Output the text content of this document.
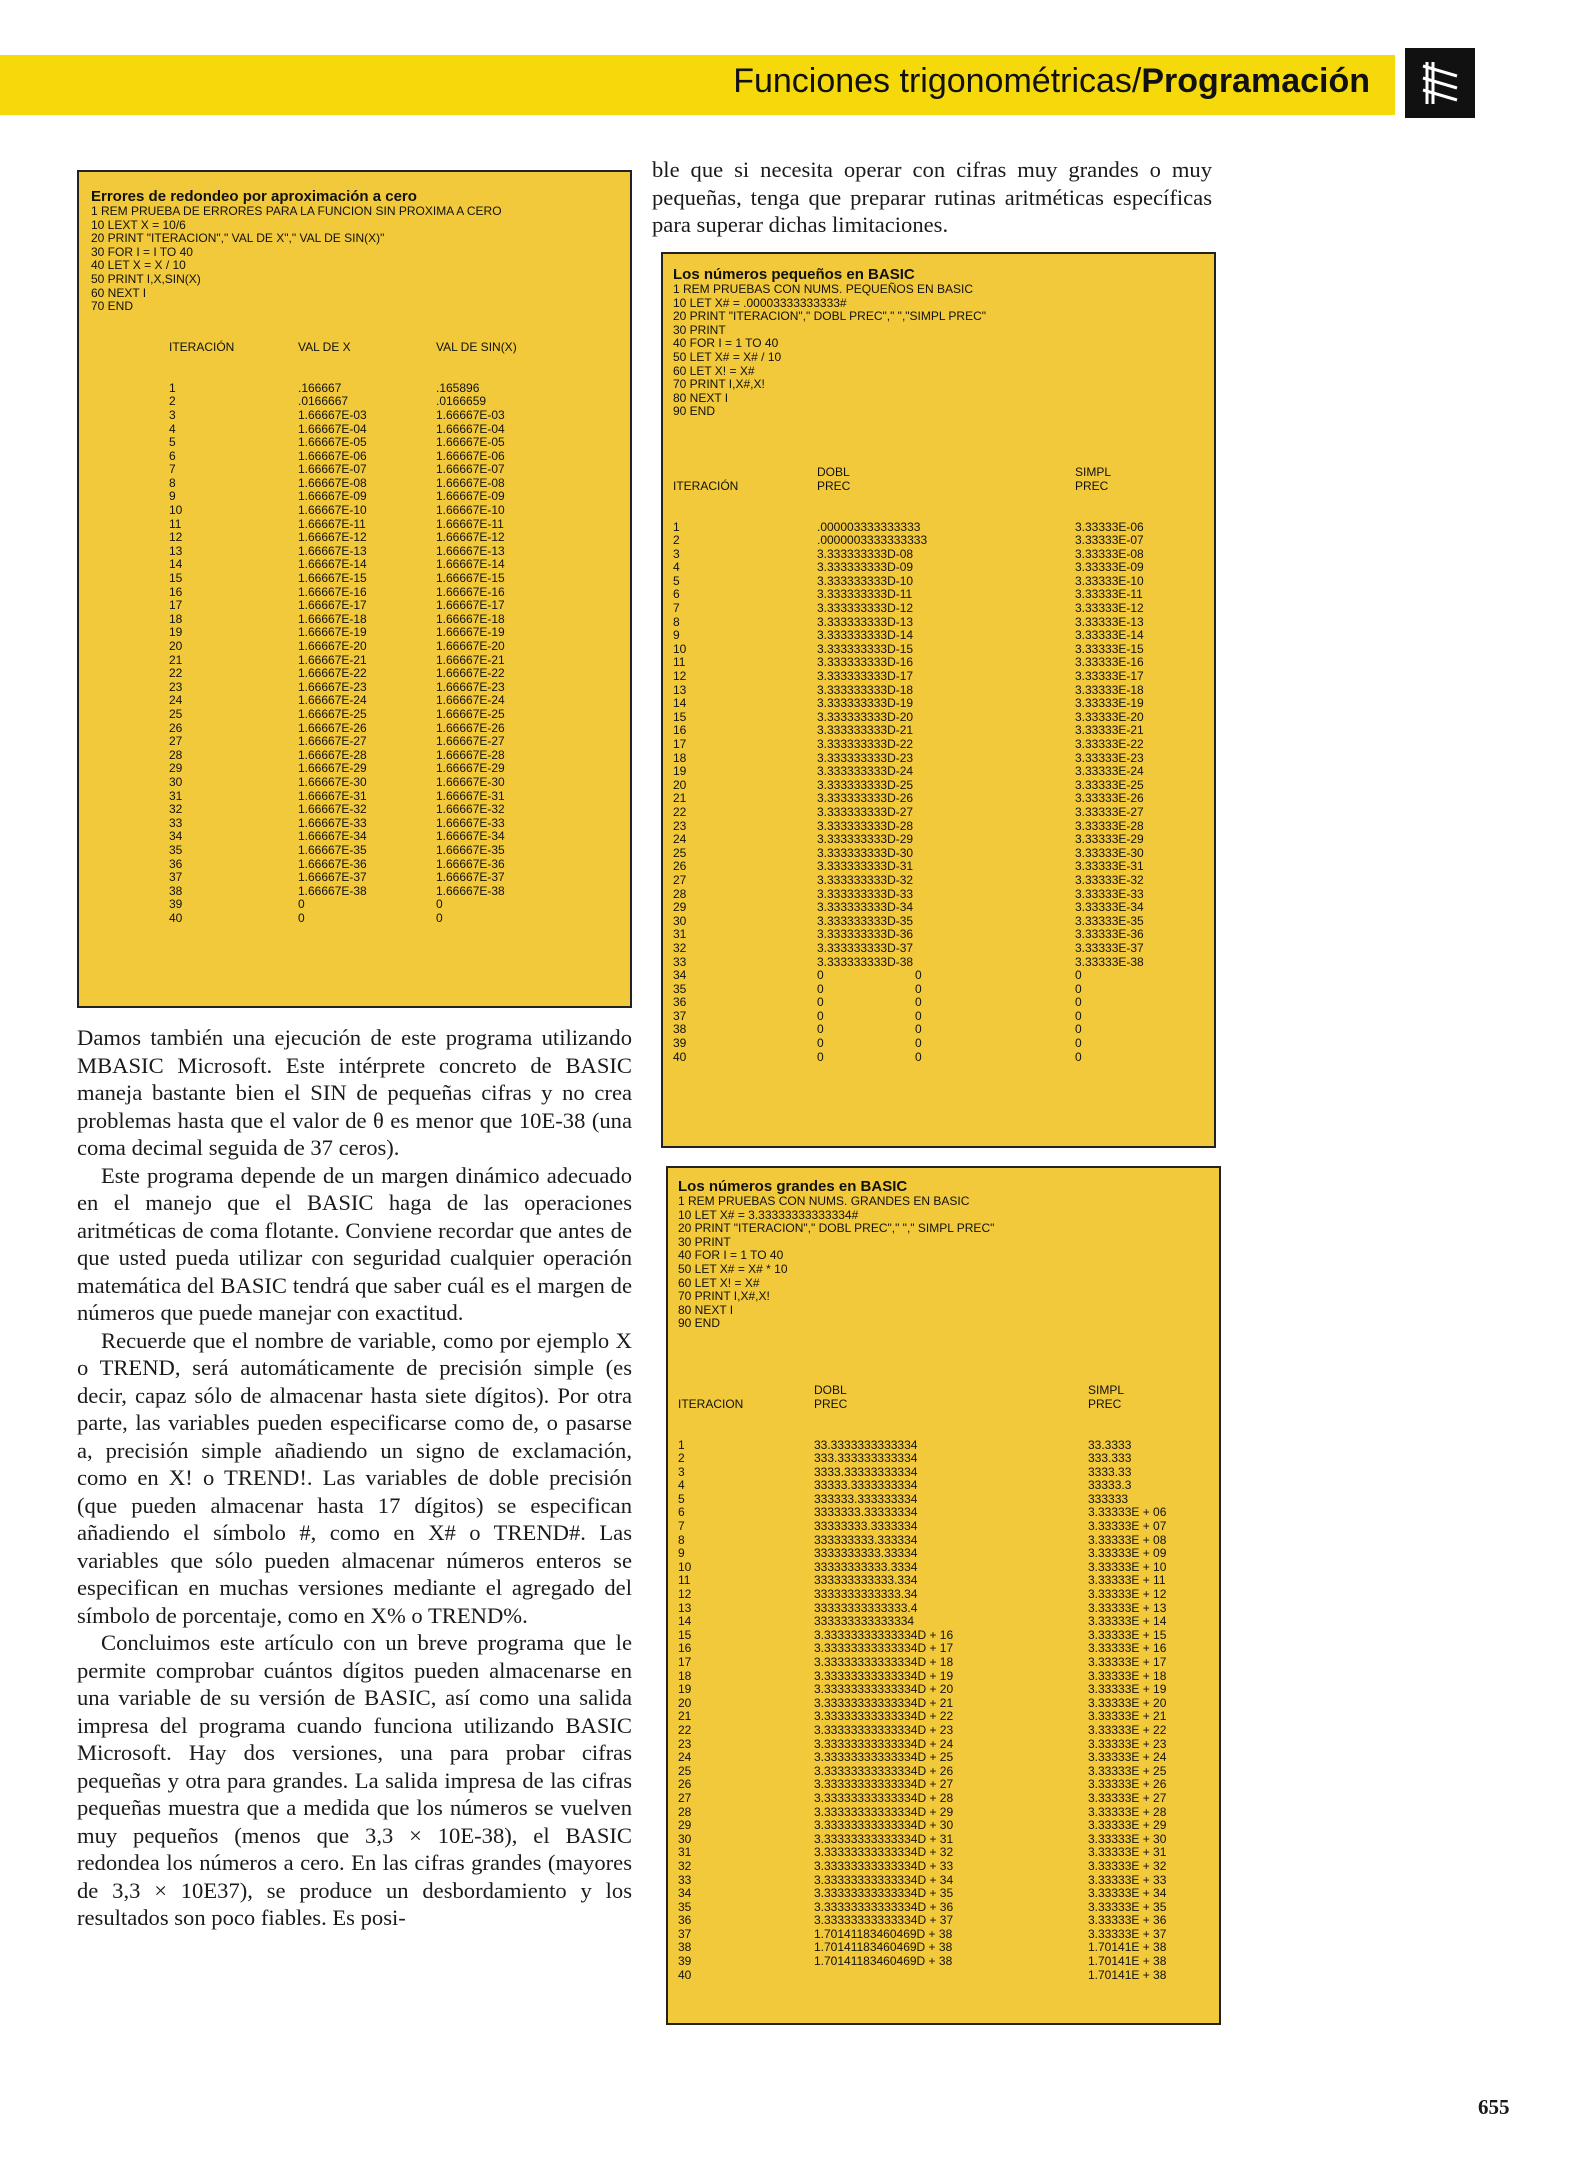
Funciones trigonométricas/Programación
Errores de redondeo por aproximación a cero
1 REM PRUEBA DE ERRORES PARA LA FUNCION SIN PROXIMA A CERO
10 LEXT X = 10/6
20 PRINT "ITERACION"," VAL DE X"," VAL DE SIN(X)"
30 FOR I = I TO 40
40 LET X = X / 10
50 PRINT I,X,SIN(X)
60 NEXT I
70 END

ITERACIÓN

1
2
3
4
5
6
7
8
9
10
11
12
13
14
15
16
17
18
19
20
21
22
23
24
25
26
27
28
29
30
31
32
33
34
35
36
37
38
39
40

VAL DE X

.166667
.0166667
1.66667E-03
1.66667E-04
1.66667E-05
1.66667E-06
1.66667E-07
1.66667E-08
1.66667E-09
1.66667E-10
1.66667E-11
1.66667E-12
1.66667E-13
1.66667E-14
1.66667E-15
1.66667E-16
1.66667E-17
1.66667E-18
1.66667E-19
1.66667E-20
1.66667E-21
1.66667E-22
1.66667E-23
1.66667E-24
1.66667E-25
1.66667E-26
1.66667E-27
1.66667E-28
1.66667E-29
1.66667E-30
1.66667E-31
1.66667E-32
1.66667E-33
1.66667E-34
1.66667E-35
1.66667E-36
1.66667E-37
1.66667E-38
0
0

VAL DE SIN(X)

.165896
.0166659
1.66667E-03
1.66667E-04
1.66667E-05
1.66667E-06
1.66667E-07
1.66667E-08
1.66667E-09
1.66667E-10
1.66667E-11
1.66667E-12
1.66667E-13
1.66667E-14
1.66667E-15
1.66667E-16
1.66667E-17
1.66667E-18
1.66667E-19
1.66667E-20
1.66667E-21
1.66667E-22
1.66667E-23
1.66667E-24
1.66667E-25
1.66667E-26
1.66667E-27
1.66667E-28
1.66667E-29
1.66667E-30
1.66667E-31
1.66667E-32
1.66667E-33
1.66667E-34
1.66667E-35
1.66667E-36
1.66667E-37
1.66667E-38
0
0

ble que si necesita operar con cifras muy grandes o muy pequeñas, tenga que preparar rutinas aritméticas específicas para superar dichas limitaciones.

Los números pequeños en BASIC
1 REM PRUEBAS CON NUMS. PEQUEÑOS EN BASIC
10 LET X# = .00003333333333#
20 PRINT "ITERACION"," DOBL PREC"," ","SIMPL PREC"
30 PRINT
40 FOR I = 1 TO 40
50 LET X# = X# / 10
60 LET X! = X#
70 PRINT I,X#,X!
80 NEXT I
90 END

ITERACIÓN

1
2
3
4
5
6
7
8
9
10
11
12
13
14
15
16
17
18
19
20
21
22
23
24
25
26
27
28
29
30
31
32
33
34
35
36
37
38
39
40

DOBL
PREC

.000003333333333
.0000003333333333
3.333333333D-08
3.333333333D-09
3.333333333D-10
3.333333333D-11
3.333333333D-12
3.333333333D-13
3.333333333D-14
3.333333333D-15
3.333333333D-16
3.333333333D-17
3.333333333D-18
3.333333333D-19
3.333333333D-20
3.333333333D-21
3.333333333D-22
3.333333333D-23
3.333333333D-24
3.333333333D-25
3.333333333D-26
3.333333333D-27
3.333333333D-28
3.333333333D-29
3.333333333D-30
3.333333333D-31
3.333333333D-32
3.333333333D-33
3.333333333D-34
3.333333333D-35
3.333333333D-36
3.333333333D-37
3.333333333D-38
0
0
0
0
0
0
0

0
0
0
0
0
0
0

SIMPL
PREC

3.33333E-06
3.33333E-07
3.33333E-08
3.33333E-09
3.33333E-10
3.33333E-11
3.33333E-12
3.33333E-13
3.33333E-14
3.33333E-15
3.33333E-16
3.33333E-17
3.33333E-18
3.33333E-19
3.33333E-20
3.33333E-21
3.33333E-22
3.33333E-23
3.33333E-24
3.33333E-25
3.33333E-26
3.33333E-27
3.33333E-28
3.33333E-29
3.33333E-30
3.33333E-31
3.33333E-32
3.33333E-33
3.33333E-34
3.33333E-35
3.33333E-36
3.33333E-37
3.33333E-38
0
0
0
0
0
0
0

Los números grandes en BASIC
1 REM PRUEBAS CON NUMS. GRANDES EN BASIC
10 LET X# = 3.33333333333334#
20 PRINT "ITERACION"," DOBL PREC"," "," SIMPL PREC"
30 PRINT
40 FOR I = 1 TO 40
50 LET X# = X# * 10
60 LET X! = X#
70 PRINT I,X#,X!
80 NEXT I
90 END

ITERACION

1
2
3
4
5
6
7
8
9
10
11
12
13
14
15
16
17
18
19
20
21
22
23
24
25
26
27
28
29
30
31
32
33
34
35
36
37
38
39
40

DOBL
PREC

33.3333333333334
333.333333333334
3333.33333333334
33333.3333333334
333333.333333334
3333333.33333334
33333333.3333334
333333333.333334
3333333333.33334
33333333333.3334
333333333333.334
3333333333333.34
33333333333333.4
333333333333334
3.33333333333334D + 16
3.33333333333334D + 17
3.33333333333334D + 18
3.33333333333334D + 19
3.33333333333334D + 20
3.33333333333334D + 21
3.33333333333334D + 22
3.33333333333334D + 23
3.33333333333334D + 24
3.33333333333334D + 25
3.33333333333334D + 26
3.33333333333334D + 27
3.33333333333334D + 28
3.33333333333334D + 29
3.33333333333334D + 30
3.33333333333334D + 31
3.33333333333334D + 32
3.33333333333334D + 33
3.33333333333334D + 34
3.33333333333334D + 35
3.33333333333334D + 36
3.33333333333334D + 37
1.70141183460469D + 38
1.70141183460469D + 38
1.70141183460469D + 38

SIMPL
PREC

33.3333
333.333
3333.33
33333.3
333333
3.33333E + 06
3.33333E + 07
3.33333E + 08
3.33333E + 09
3.33333E + 10
3.33333E + 11
3.33333E + 12
3.33333E + 13
3.33333E + 14
3.33333E + 15
3.33333E + 16
3.33333E + 17
3.33333E + 18
3.33333E + 19
3.33333E + 20
3.33333E + 21
3.33333E + 22
3.33333E + 23
3.33333E + 24
3.33333E + 25
3.33333E + 26
3.33333E + 27
3.33333E + 28
3.33333E + 29
3.33333E + 30
3.33333E + 31
3.33333E + 32
3.33333E + 33
3.33333E + 34
3.33333E + 35
3.33333E + 36
3.33333E + 37
1.70141E + 38
1.70141E + 38
1.70141E + 38

Damos también una ejecución de este programa utilizando MBASIC Microsoft. Este intérprete concreto de BASIC maneja bastante bien el SIN de pequeñas cifras y no crea problemas hasta que el valor de θ es menor que 10E-38 (una coma decimal seguida de 37 ceros).

Este programa depende de un margen dinámico adecuado en el manejo que el BASIC haga de las operaciones aritméticas de coma flotante. Conviene recordar que antes de que usted pueda utilizar con seguridad cualquier operación matemática del BASIC tendrá que saber cuál es el margen de números que puede manejar con exactitud.

Recuerde que el nombre de variable, como por ejemplo X o TREND, será automáticamente de precisión simple (es decir, capaz sólo de almacenar hasta siete dígitos). Por otra parte, las variables pueden especificarse como de, o pasarse a, precisión simple añadiendo un signo de exclamación, como en X! o TREND!. Las variables de doble precisión (que pueden almacenar hasta 17 dígitos) se especifican añadiendo el símbolo #, como en X# o TREND#. Las variables que sólo pueden almacenar números enteros se especifican en muchas versiones mediante el agregado del símbolo de porcentaje, como en X% o TREND%.

Concluimos este artículo con un breve programa que le permite comprobar cuántos dígitos pueden almacenarse en una variable de su versión de BASIC, así como una salida impresa del programa cuando funciona utilizando BASIC Microsoft. Hay dos versiones, una para probar cifras pequeñas y otra para grandes. La salida impresa de las cifras pequeñas muestra que a medida que los números se vuelven muy pequeños (menos que 3,3 × 10E-38), el BASIC redondea los números a cero. En las cifras grandes (mayores de 3,3 × 10E37), se produce un desbordamiento y los resultados son poco fiables. Es posi-

655
